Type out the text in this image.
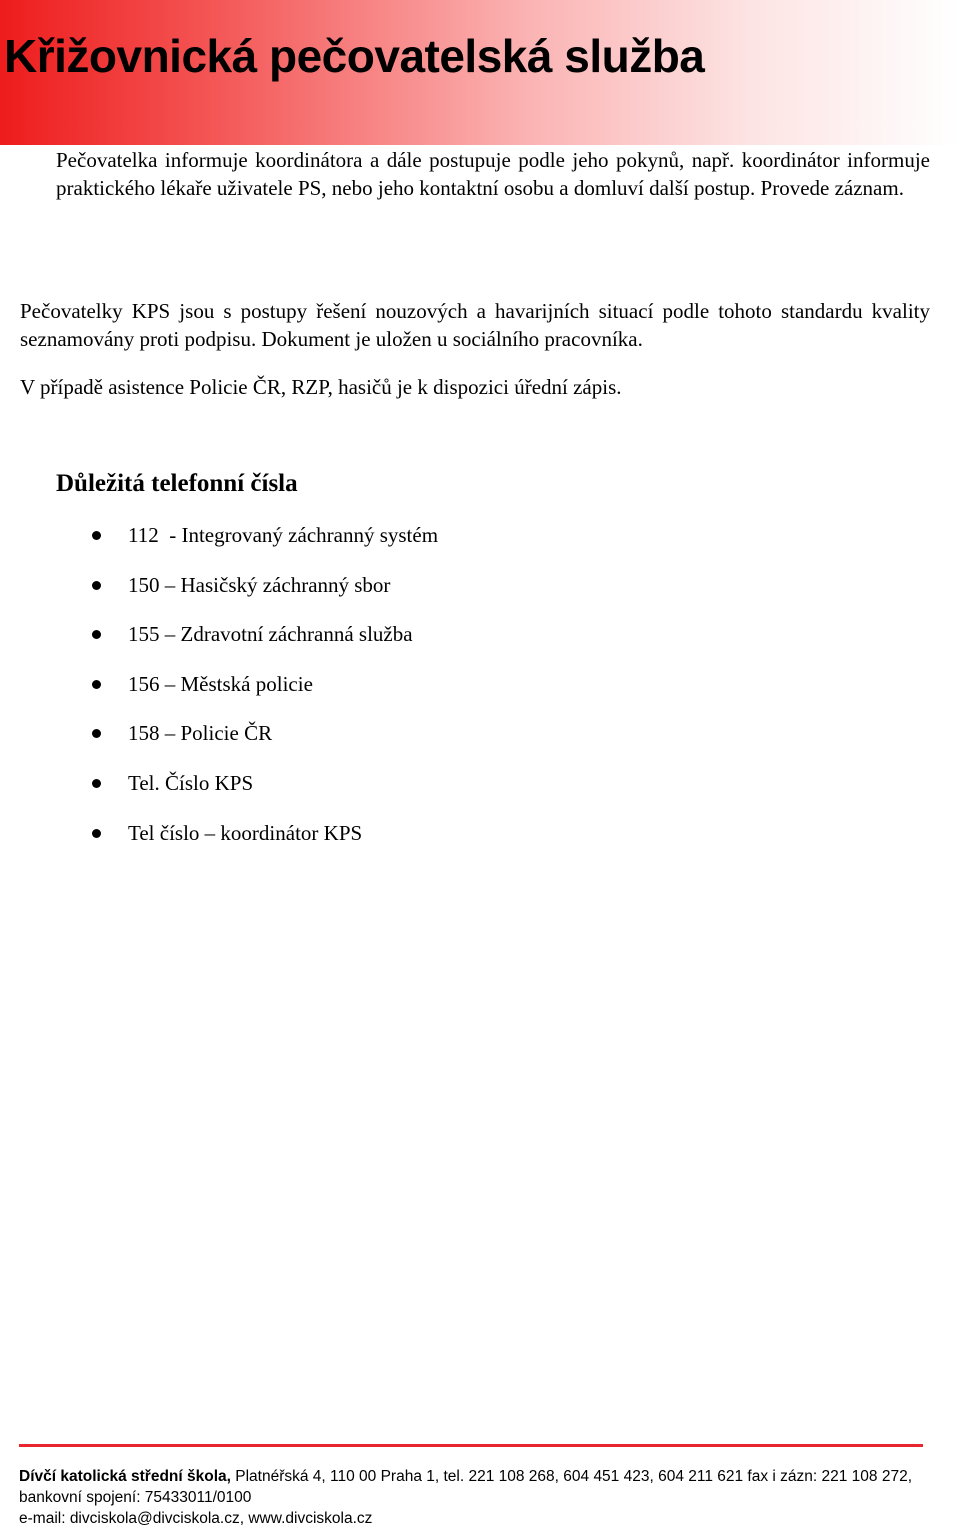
Křižovnická pečovatelská služba

Pečovatelka informuje koordinátora a dále postupuje podle jeho pokynů, např. koordinátor informuje praktického lékaře uživatele PS, nebo jeho kontaktní osobu a domluví další postup. Provede záznam.

Pečovatelky KPS jsou s postupy řešení nouzových a havarijních situací podle tohoto standardu kvality seznamovány proti podpisu. Dokument je uložen u sociálního pracovníka.

V případě asistence Policie ČR, RZP, hasičů je k dispozici úřední zápis.

Důležitá telefonní čísla
112  - Integrovaný záchranný systém
150 – Hasičský záchranný sbor
155 – Zdravotní záchranná služba
156 – Městská policie
158 – Policie ČR
Tel. Číslo KPS
Tel číslo – koordinátor KPS

Dívčí katolická střední škola, Platnéřská 4, 110 00 Praha 1, tel. 221 108 268, 604 451 423, 604 211 621 fax i zázn: 221 108 272,

bankovní spojení: 75433011/0100

e-mail: divciskola@divciskola.cz, www.divciskola.cz
